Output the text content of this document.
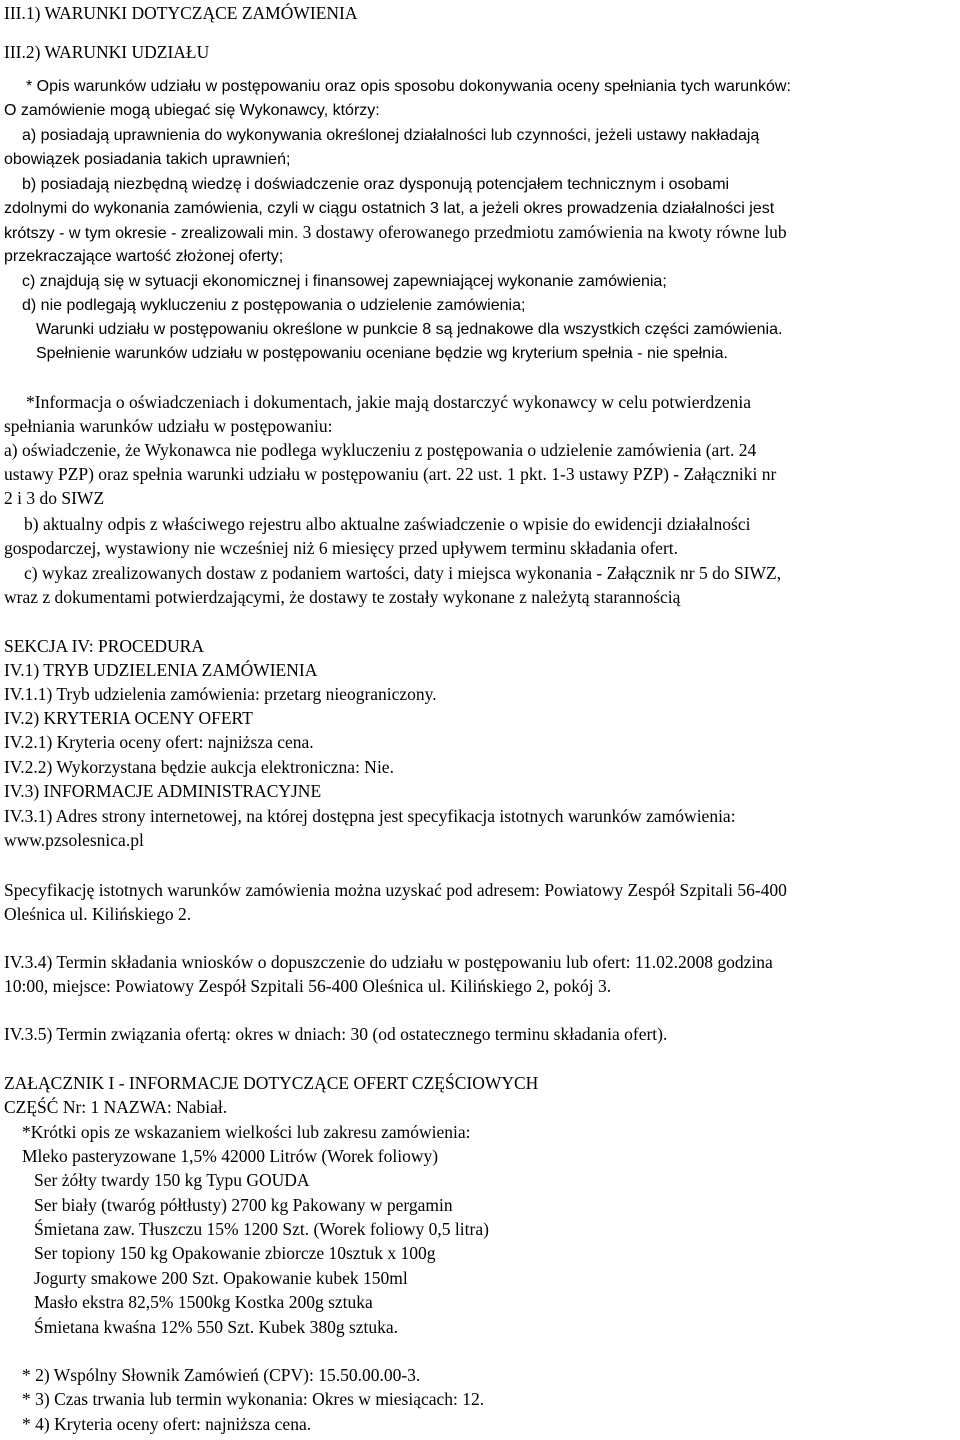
III.1) WARUNKI DOTYCZĄCE ZAMÓWIENIA
III.2) WARUNKI UDZIAŁU
* Opis warunków udziału w postępowaniu oraz opis sposobu dokonywania oceny spełniania tych warunków:
O zamówienie mogą ubiegać się Wykonawcy, którzy:
a) posiadają uprawnienia do wykonywania określonej działalności lub czynności, jeżeli ustawy nakładają
obowiązek posiadania takich uprawnień;
b) posiadają niezbędną wiedzę i doświadczenie oraz dysponują potencjałem technicznym i osobami
zdolnymi do wykonania zamówienia, czyli w ciągu ostatnich 3 lat, a jeżeli okres prowadzenia działalności jest
krótszy - w tym okresie - zrealizowali min. 3 dostawy oferowanego przedmiotu zamówienia na kwoty równe lub
przekraczające wartość złożonej oferty;
c) znajdują się w sytuacji ekonomicznej i finansowej zapewniającej wykonanie zamówienia;
d) nie podlegają wykluczeniu z postępowania o udzielenie zamówienia;
Warunki udziału w postępowaniu określone w punkcie 8 są jednakowe dla wszystkich części zamówienia.
Spełnienie warunków udziału w postępowaniu oceniane będzie wg kryterium spełnia - nie spełnia.
*Informacja o oświadczeniach i dokumentach, jakie mają dostarczyć wykonawcy w celu potwierdzenia
spełniania warunków udziału w postępowaniu:
a) oświadczenie, że Wykonawca nie podlega wykluczeniu z postępowania o udzielenie zamówienia (art. 24
ustawy PZP) oraz spełnia warunki udziału w postępowaniu (art. 22 ust. 1 pkt. 1-3 ustawy PZP) - Załączniki nr
2 i 3 do SIWZ
b) aktualny odpis z właściwego rejestru albo aktualne zaświadczenie o wpisie do ewidencji działalności
gospodarczej, wystawiony nie wcześniej niż 6 miesięcy przed upływem terminu składania ofert.
c) wykaz zrealizowanych dostaw z podaniem wartości, daty i miejsca wykonania - Załącznik nr 5 do SIWZ,
wraz z dokumentami potwierdzającymi, że dostawy te zostały wykonane z należytą starannością
SEKCJA IV: PROCEDURA
IV.1) TRYB UDZIELENIA ZAMÓWIENIA
IV.1.1) Tryb udzielenia zamówienia: przetarg nieograniczony.
IV.2) KRYTERIA OCENY OFERT
IV.2.1) Kryteria oceny ofert: najniższa cena.
IV.2.2) Wykorzystana będzie aukcja elektroniczna: Nie.
IV.3) INFORMACJE ADMINISTRACYJNE
IV.3.1) Adres strony internetowej, na której dostępna jest specyfikacja istotnych warunków zamówienia:
www.pzsolesnica.pl
Specyfikację istotnych warunków zamówienia można uzyskać pod adresem: Powiatowy Zespół Szpitali 56-400
Oleśnica ul. Kilińskiego 2.
IV.3.4) Termin składania wniosków o dopuszczenie do udziału w postępowaniu lub ofert: 11.02.2008 godzina
10:00, miejsce: Powiatowy Zespół Szpitali 56-400 Oleśnica ul. Kilińskiego 2, pokój 3.
IV.3.5) Termin związania ofertą: okres w dniach: 30 (od ostatecznego terminu składania ofert).
ZAŁĄCZNIK I - INFORMACJE DOTYCZĄCE OFERT CZĘŚCIOWYCH
CZĘŚĆ Nr: 1 NAZWA: Nabiał.
*Krótki opis ze wskazaniem wielkości lub zakresu zamówienia:
Mleko pasteryzowane 1,5% 42000 Litrów (Worek foliowy)
Ser żółty twardy 150 kg Typu GOUDA
Ser biały (twaróg półtłusty) 2700 kg Pakowany w pergamin
Śmietana zaw. Tłuszczu 15% 1200 Szt. (Worek foliowy 0,5 litra)
Ser topiony 150 kg Opakowanie zbiorcze 10sztuk x 100g
Jogurty smakowe 200 Szt. Opakowanie kubek 150ml
Masło ekstra 82,5% 1500kg Kostka 200g sztuka
Śmietana kwaśna 12% 550 Szt. Kubek 380g sztuka.
* 2) Wspólny Słownik Zamówień (CPV): 15.50.00.00-3.
* 3) Czas trwania lub termin wykonania: Okres w miesiącach: 12.
* 4) Kryteria oceny ofert: najniższa cena.
